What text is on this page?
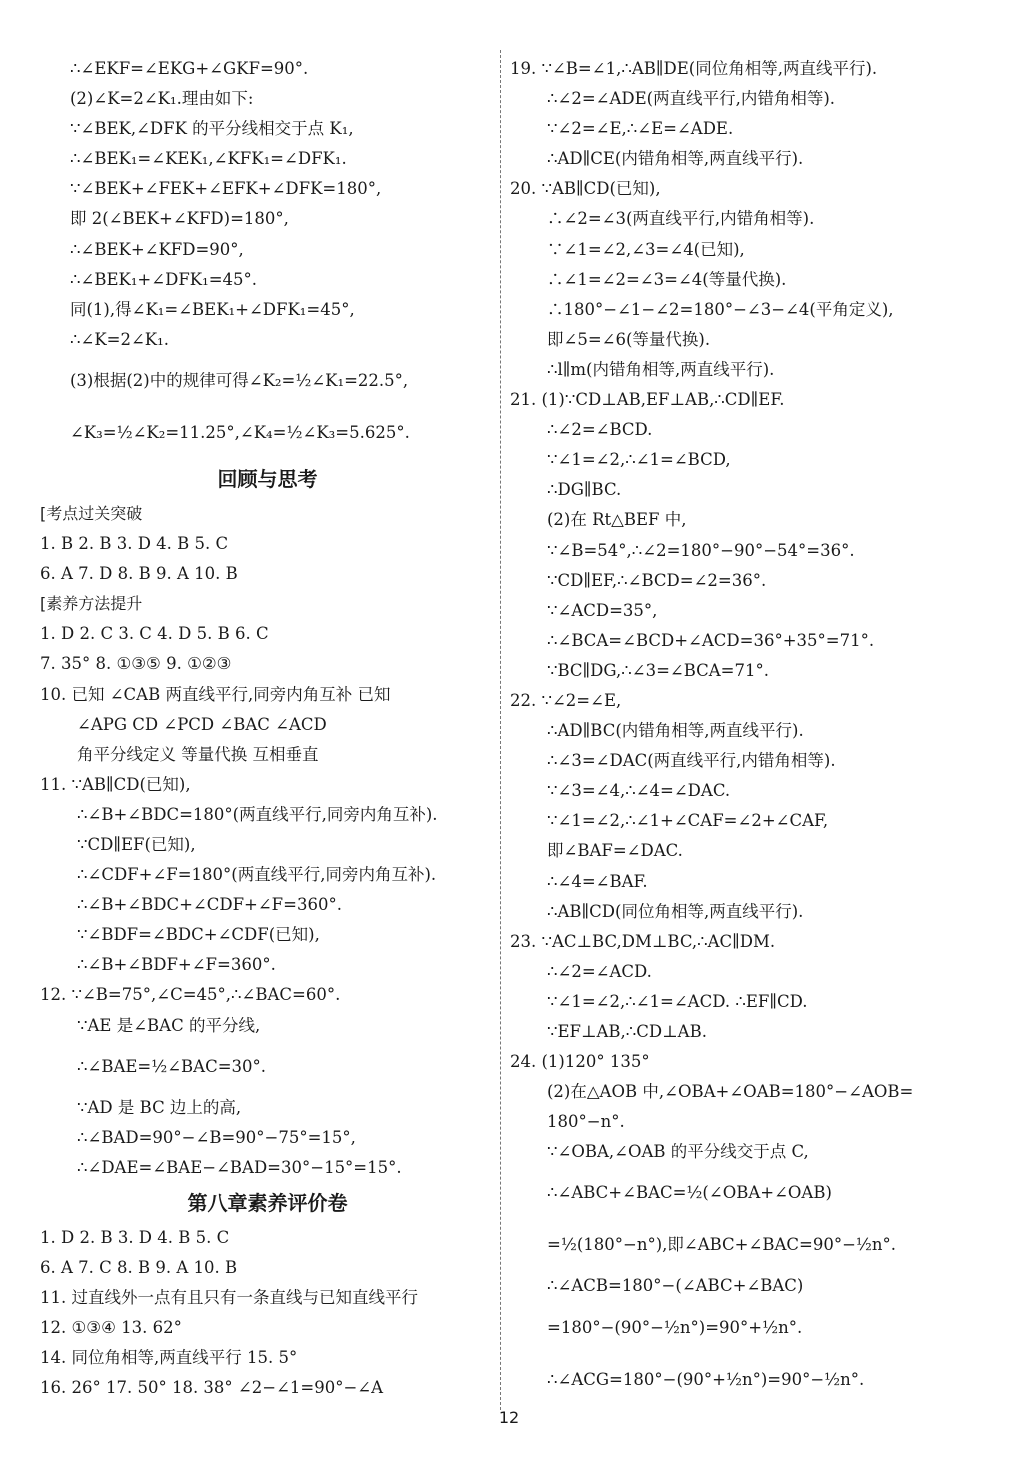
∴∠EKF=∠EKG+∠GKF=90°.
(2)∠K=2∠K₁.理由如下:
∵∠BEK,∠DFK 的平分线相交于点 K₁,
∴∠BEK₁=∠KEK₁,∠KFK₁=∠DFK₁.
∵∠BEK+∠FEK+∠EFK+∠DFK=180°,
即 2(∠BEK+∠KFD)=180°,
∴∠BEK+∠KFD=90°,
∴∠BEK₁+∠DFK₁=45°.
同(1),得∠K₁=∠BEK₁+∠DFK₁=45°,
∴∠K=2∠K₁.
(3)根据(2)中的规律可得∠K₂=½∠K₁=22.5°,
∠K₃=½∠K₂=11.25°,∠K₄=½∠K₃=5.625°.
回顾与思考
[考点过关突破
1. B 2. B 3. D 4. B 5. C
6. A 7. D 8. B 9. A 10. B
[素养方法提升
1. D 2. C 3. C 4. D 5. B 6. C
7. 35° 8. ①③⑤ 9. ①②③
10. 已知 ∠CAB 两直线平行,同旁内角互补 已知
∠APG CD ∠PCD ∠BAC ∠ACD
角平分线定义 等量代换 互相垂直
11. ∵AB∥CD(已知),
∴∠B+∠BDC=180°(两直线平行,同旁内角互补).
∵CD∥EF(已知),
∴∠CDF+∠F=180°(两直线平行,同旁内角互补).
∴∠B+∠BDC+∠CDF+∠F=360°.
∵∠BDF=∠BDC+∠CDF(已知),
∴∠B+∠BDF+∠F=360°.
12. ∵∠B=75°,∠C=45°,∴∠BAC=60°.
∵AE 是∠BAC 的平分线,
∴∠BAE=½∠BAC=30°.
∵AD 是 BC 边上的高,
∴∠BAD=90°−∠B=90°−75°=15°,
∴∠DAE=∠BAE−∠BAD=30°−15°=15°.
第八章素养评价卷
1. D 2. B 3. D 4. B 5. C
6. A 7. C 8. B 9. A 10. B
11. 过直线外一点有且只有一条直线与已知直线平行
12. ①③④ 13. 62°
14. 同位角相等,两直线平行 15. 5°
16. 26° 17. 50° 18. 38° ∠2−∠1=90°−∠A
19. ∵∠B=∠1,∴AB∥DE(同位角相等,两直线平行).
∴∠2=∠ADE(两直线平行,内错角相等).
∵∠2=∠E,∴∠E=∠ADE.
∴AD∥CE(内错角相等,两直线平行).
20. ∵AB∥CD(已知),
∴∠2=∠3(两直线平行,内错角相等).
∵∠1=∠2,∠3=∠4(已知),
∴∠1=∠2=∠3=∠4(等量代换).
∴180°−∠1−∠2=180°−∠3−∠4(平角定义),
即∠5=∠6(等量代换).
∴l∥m(内错角相等,两直线平行).
21. (1)∵CD⊥AB,EF⊥AB,∴CD∥EF.
∴∠2=∠BCD.
∵∠1=∠2,∴∠1=∠BCD,
∴DG∥BC.
(2)在 Rt△BEF 中,
∵∠B=54°,∴∠2=180°−90°−54°=36°.
∵CD∥EF,∴∠BCD=∠2=36°.
∵∠ACD=35°,
∴∠BCA=∠BCD+∠ACD=36°+35°=71°.
∵BC∥DG,∴∠3=∠BCA=71°.
22. ∵∠2=∠E,
∴AD∥BC(内错角相等,两直线平行).
∴∠3=∠DAC(两直线平行,内错角相等).
∵∠3=∠4,∴∠4=∠DAC.
∵∠1=∠2,∴∠1+∠CAF=∠2+∠CAF,
即∠BAF=∠DAC.
∴∠4=∠BAF.
∴AB∥CD(同位角相等,两直线平行).
23. ∵AC⊥BC,DM⊥BC,∴AC∥DM.
∴∠2=∠ACD.
∵∠1=∠2,∴∠1=∠ACD. ∴EF∥CD.
∵EF⊥AB,∴CD⊥AB.
24. (1)120° 135°
(2)在△AOB 中,∠OBA+∠OAB=180°−∠AOB=
180°−n°.
∵∠OBA,∠OAB 的平分线交于点 C,
∴∠ABC+∠BAC=½(∠OBA+∠OAB)
=½(180°−n°),即∠ABC+∠BAC=90°−½n°.
∴∠ACB=180°−(∠ABC+∠BAC)
=180°−(90°−½n°)=90°+½n°.
∴∠ACG=180°−(90°+½n°)=90°−½n°.
12
